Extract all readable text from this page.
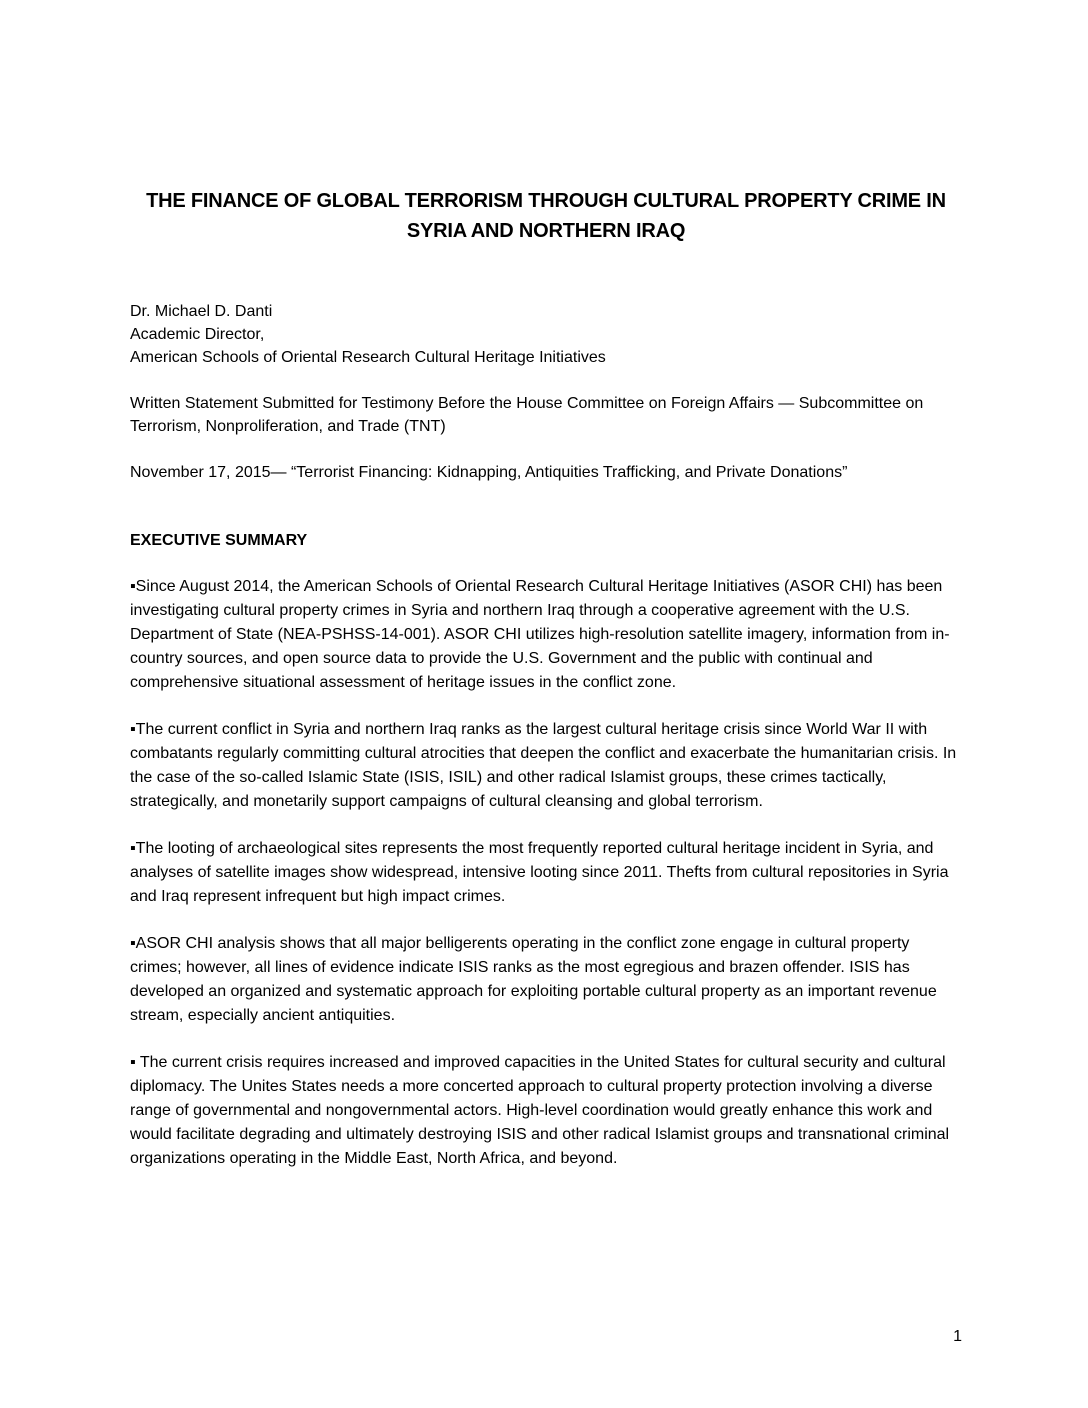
THE FINANCE OF GLOBAL TERRORISM THROUGH CULTURAL PROPERTY CRIME IN SYRIA AND NORTHERN IRAQ
Dr. Michael D. Danti
Academic Director,
American Schools of Oriental Research Cultural Heritage Initiatives
Written Statement Submitted for Testimony Before the House Committee on Foreign Affairs — Subcommittee on Terrorism, Nonproliferation, and Trade (TNT)
November 17, 2015— “Terrorist Financing: Kidnapping, Antiquities Trafficking, and Private Donations”
EXECUTIVE SUMMARY

▪Since August 2014, the American Schools of Oriental Research Cultural Heritage Initiatives (ASOR CHI) has been investigating cultural property crimes in Syria and northern Iraq through a cooperative agreement with the U.S. Department of State (NEA-PSHSS-14-001). ASOR CHI utilizes high-resolution satellite imagery, information from in-country sources, and open source data to provide the U.S. Government and the public with continual and comprehensive situational assessment of heritage issues in the conflict zone.

▪The current conflict in Syria and northern Iraq ranks as the largest cultural heritage crisis since World War II with combatants regularly committing cultural atrocities that deepen the conflict and exacerbate the humanitarian crisis. In the case of the so-called Islamic State (ISIS, ISIL) and other radical Islamist groups, these crimes tactically, strategically, and monetarily support campaigns of cultural cleansing and global terrorism.

▪The looting of archaeological sites represents the most frequently reported cultural heritage incident in Syria, and analyses of satellite images show widespread, intensive looting since 2011. Thefts from cultural repositories in Syria and Iraq represent infrequent but high impact crimes.

▪ASOR CHI analysis shows that all major belligerents operating in the conflict zone engage in cultural property crimes; however, all lines of evidence indicate ISIS ranks as the most egregious and brazen offender. ISIS has developed an organized and systematic approach for exploiting portable cultural property as an important revenue stream, especially ancient antiquities.

▪ The current crisis requires increased and improved capacities in the United States for cultural security and cultural diplomacy. The Unites States needs a more concerted approach to cultural property protection involving a diverse range of governmental and nongovernmental actors. High-level coordination would greatly enhance this work and would facilitate degrading and ultimately destroying ISIS and other radical Islamist groups and transnational criminal organizations operating in the Middle East, North Africa, and beyond.

1
